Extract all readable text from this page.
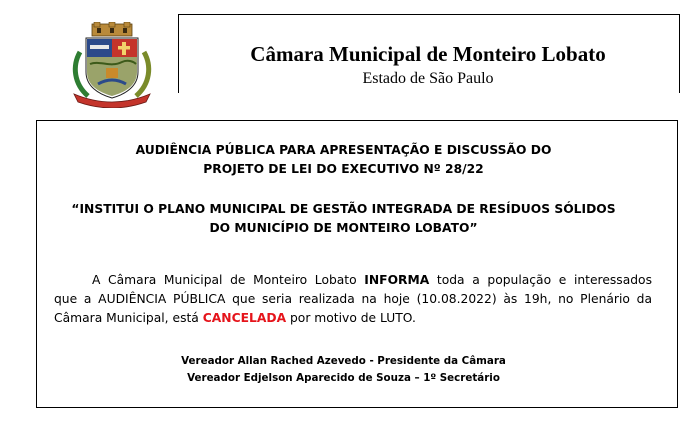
Câmara Municipal de Monteiro Lobato
Estado de São Paulo
AUDIÊNCIA PÚBLICA PARA APRESENTAÇÃO E DISCUSSÃO DO
PROJETO DE LEI DO EXECUTIVO Nº 28/22
“INSTITUI O PLANO MUNICIPAL DE GESTÃO INTEGRADA DE RESÍDUOS SÓLIDOS
DO MUNICÍPIO DE MONTEIRO LOBATO”
A Câmara Municipal de Monteiro Lobato INFORMA toda a população e interessados
que a AUDIÊNCIA PÚBLICA que seria realizada na hoje (10.08.2022) às 19h, no Plenário da
Câmara Municipal, está CANCELADA por motivo de LUTO.
Vereador Allan Rached Azevedo - Presidente da Câmara
Vereador Edjelson Aparecido de Souza – 1º Secretário
